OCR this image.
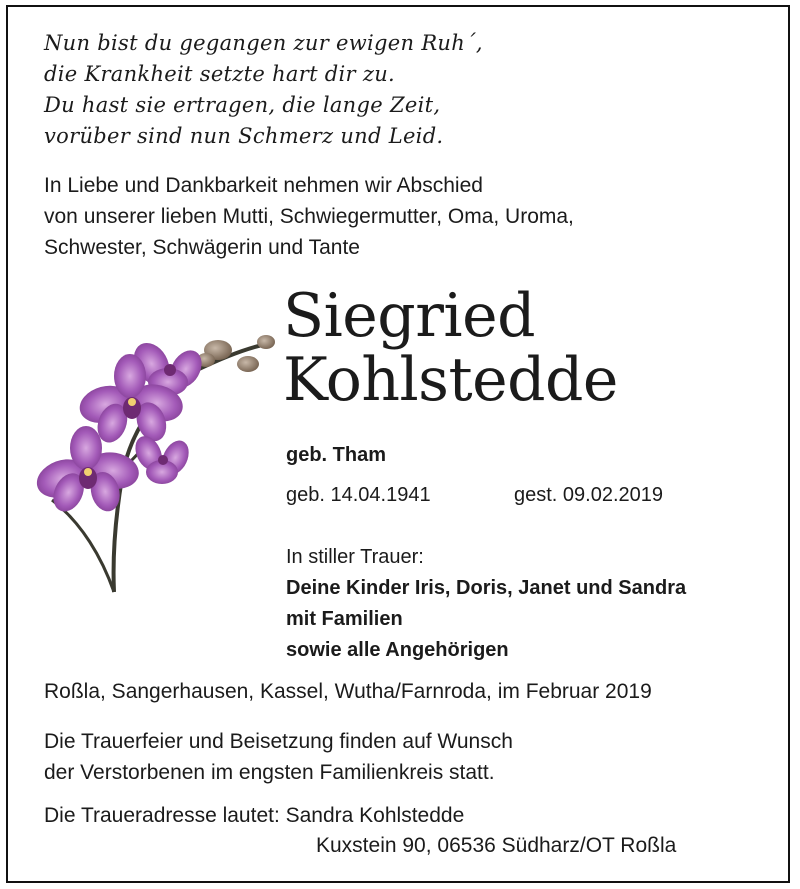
Nun bist du gegangen zur ewigen Ruh´,
die Krankheit setzte hart dir zu.
Du hast sie ertragen, die lange Zeit,
vorüber sind nun Schmerz und Leid.
In Liebe und Dankbarkeit nehmen wir Abschied
von unserer lieben Mutti, Schwiegermutter, Oma, Uroma,
Schwester, Schwägerin und Tante
Siegried
Kohlstedde
geb. Tham
geb. 14.04.1941	gest. 09.02.2019
In stiller Trauer:
Deine Kinder Iris, Doris, Janet und Sandra
mit Familien
sowie alle Angehörigen
Roßla, Sangerhausen, Kassel, Wutha/Farnroda, im Februar 2019
Die Trauerfeier und Beisetzung finden auf Wunsch
der Verstorbenen im engsten Familienkreis statt.
Die Traueradresse lautet: Sandra Kohlstedde
Kuxstein 90, 06536 Südharz/OT Roßla
